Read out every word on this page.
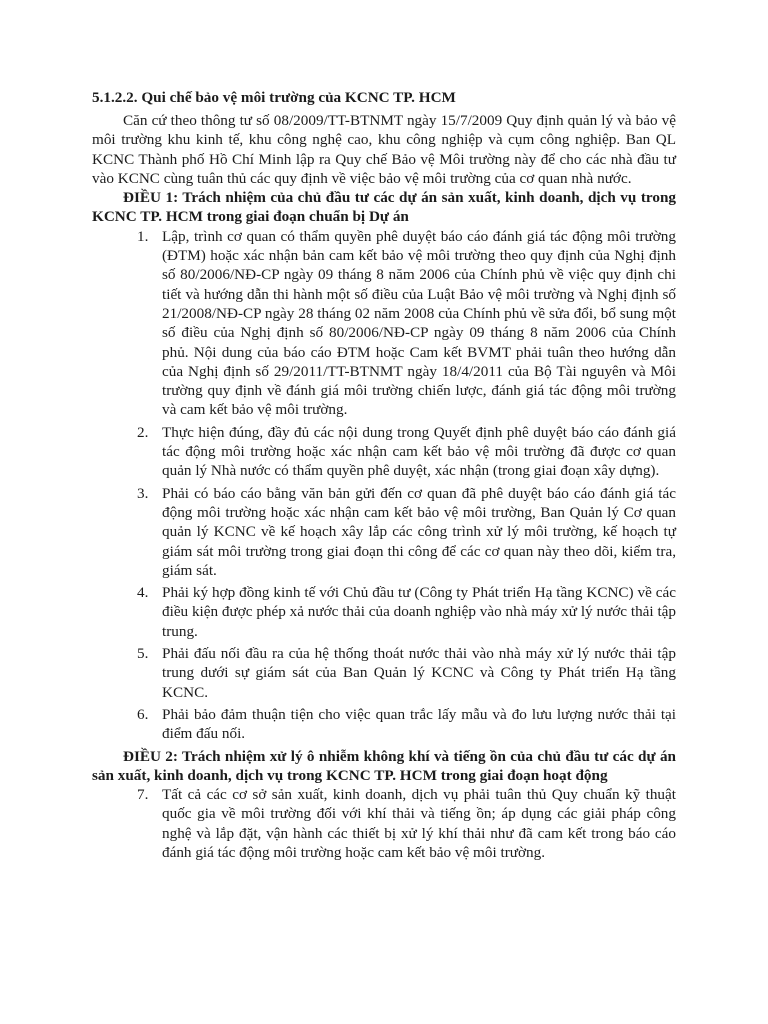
5.1.2.2. Qui chế bảo vệ môi trường của KCNC TP. HCM

Căn cứ theo thông tư số 08/2009/TT-BTNMT ngày 15/7/2009 Quy định quản lý và bảo vệ môi trường khu kinh tế, khu công nghệ cao, khu công nghiệp và cụm công nghiệp. Ban QL KCNC Thành phố Hồ Chí Minh lập ra Quy chế Bảo vệ Môi trường này để cho các nhà đầu tư vào KCNC cùng tuân thủ các quy định về việc bảo vệ môi trường của cơ quan nhà nước.

ĐIỀU 1: Trách nhiệm của chủ đầu tư các dự án sản xuất, kinh doanh, dịch vụ trong KCNC TP. HCM trong giai đoạn chuẩn bị Dự án
1. Lập, trình cơ quan có thẩm quyền phê duyệt báo cáo đánh giá tác động môi trường (ĐTM) hoặc xác nhận bản cam kết bảo vệ môi trường theo quy định của Nghị định số 80/2006/NĐ-CP ngày 09 tháng 8 năm 2006 của Chính phủ về việc quy định chi tiết và hướng dẫn thi hành một số điều của Luật Bảo vệ môi trường và Nghị định số 21/2008/NĐ-CP ngày 28 tháng 02 năm 2008 của Chính phủ về sửa đổi, bổ sung một số điều của Nghị định số 80/2006/NĐ-CP ngày 09 tháng 8 năm 2006 của Chính phủ. Nội dung của báo cáo ĐTM hoặc Cam kết BVMT phải tuân theo hướng dẫn của Nghị định số 29/2011/TT-BTNMT ngày 18/4/2011 của Bộ Tài nguyên và Môi trường quy định về đánh giá môi trường chiến lược, đánh giá tác động môi trường và cam kết bảo vệ môi trường.
2. Thực hiện đúng, đầy đủ các nội dung trong Quyết định phê duyệt báo cáo đánh giá tác động môi trường hoặc xác nhận cam kết bảo vệ môi trường đã được cơ quan quản lý Nhà nước có thẩm quyền phê duyệt, xác nhận (trong giai đoạn xây dựng).
3. Phải có báo cáo bằng văn bản gửi đến cơ quan đã phê duyệt báo cáo đánh giá tác động môi trường hoặc xác nhận cam kết bảo vệ môi trường, Ban Quản lý Cơ quan quản lý KCNC về kế hoạch xây lắp các công trình xử lý môi trường, kế hoạch tự giám sát môi trường trong giai đoạn thi công để các cơ quan này theo dõi, kiểm tra, giám sát.
4. Phải ký hợp đồng kinh tế với Chủ đầu tư (Công ty Phát triển Hạ tầng KCNC) về các điều kiện được phép xả nước thải của doanh nghiệp vào nhà máy xử lý nước thải tập trung.
5. Phải đấu nối đầu ra của hệ thống thoát nước thải vào nhà máy xử lý nước thải tập trung dưới sự giám sát của Ban Quản lý KCNC và Công ty Phát triển Hạ tầng KCNC.
6. Phải bảo đảm thuận tiện cho việc quan trắc lấy mẫu và đo lưu lượng nước thải tại điểm đấu nối.
ĐIỀU 2: Trách nhiệm xử lý ô nhiễm không khí và tiếng ồn của chủ đầu tư các dự án sản xuất, kinh doanh, dịch vụ trong KCNC TP. HCM trong giai đoạn hoạt động
7. Tất cả các cơ sở sản xuất, kinh doanh, dịch vụ phải tuân thủ Quy chuẩn kỹ thuật quốc gia về môi trường đối với khí thải và tiếng ồn; áp dụng các giải pháp công nghệ và lắp đặt, vận hành các thiết bị xử lý khí thải như đã cam kết trong báo cáo đánh giá tác động môi trường hoặc cam kết bảo vệ môi trường.
